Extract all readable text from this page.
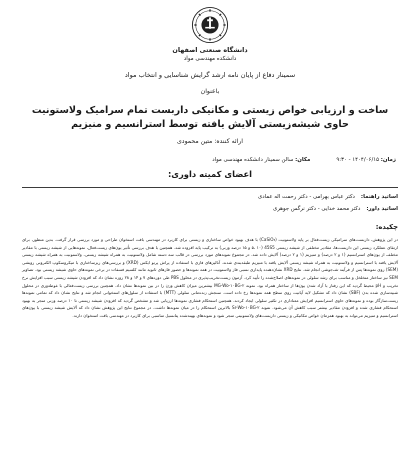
دانشگاه صنعتی اصفهان
دانشکده مهندسی مواد
سمینار دفاع از پایان نامه ارشد گرایش شناسایی و انتخاب مواد
باعنوان
ساخت و ارزیابی خواص زیستی و مکانیکی داربست تمام سرامیک ولاستونیت حاوی شیشه‌زیستی آلایش یافته توسط استرانسیم و منیزیم
ارائه کننده: متین محمودی
زمان: ۱۴۰۴/۰۶/۱۵ - ۹:۳۰
مکان: سالن سمینار دانشکده مهندسی مواد
اعضای کمیته داوری:
اساتید راهنما:
دکتر عباس بهرامی - دکتر رحمت اله عمادی
اساتید داور:
دکتر محمد خدایی - دکتر نرگس جوهری
چکیده:
در این پژوهش، داربست‌های سرامیکی زیست‌فعال بر پایه ولاستونیت (CaSiO₃) با هدف بهبود خواص ساختاری و زیستی برای کاربرد در مهندسی بافت استخوان طراحی و مورد بررسی قرار گرفت. بدین منظور، برای ارتقای عملکرد زیستی این داربست‌ها، مقادیر مختلفی از شیشه زیستی 45S5 (۵، ۱۰ و ۱۵ درصد وزنی) به ترکیب پایه افزوده شد. همچنین با هدف بررسی تأثیر یون‌های زیست‌فعال، نمونه‌هایی از شیشه زیستی با مقادیر مختلف از یون‌های استرانسیم (۱ و ۲ درصد) و منیزیم (۱ و ۲ درصد) آلایش داده شد. در مجموع نمونه‌های مورد بررسی در قالب سه دسته شامل ولاستونیت به همراه شیشه زیستی، ولاستونیت به همراه شیشه زیستی آلایش یافته با استرانسیم و ولاستونیت به همراه شیشه زیستی آلایش یافته با منیزیم طبقه‌بندی شدند. آنالیزهای فازی با استفاده از پراش پرتو ایکس (XRD) و بررسی‌های ریزساختاری با میکروسکوپ الکترونی روبشی (SEM) روی نمونه‌ها پس از فرآیند تف‌جوشی انجام شد. نتایج XRD نشان‌دهنده پایداری نسبی فاز ولاستونیت در همه نمونه‌ها و حضور فازهای ثانویه مانند کلسیم فسفات در برخی نمونه‌های حاوی شیشه زیستی بود. تصاویر SEM نیز ساختار متخلخل و مناسب برای رشد سلولی در نمونه‌های اصلاح‌شده را تأیید کرد. آزمون زیست‌تخریب‌پذیری در محلول PBS طی دوره‌های ۷ و ۱۴ و ۲۸ روزه نشان داد که افزودن شیشه زیستی سبب افزایش نرخ تخریب و pH محیط گردید که این رفتار با آزاد شدن یون‌ها از ساختار همراه بود. نمونه MG-Wo-۱۰BG-۲ بیشترین میزان کاهش وزن را در بین نمونه‌ها نشان داد. همچنین بررسی زیست‌فعالی با غوطه‌وری در محلول شبیه‌سازی شده بدن (SBF) نشان داد که تشکیل لایه آپاتیت روی سطح همه نمونه‌ها رخ داده است. سنجش زنده‌مانی سلولی (MTT) با استفاده از سلول‌های استخوانی انجام شد و نتایج نشان داد که تمامی نمونه‌ها زیست‌سازگار بوده و نمونه‌های حاوی استرانسیم افزایش معناداری در تکثیر سلولی ایجاد کردند. همچنین استحکام فشاری نمونه‌ها ارزیابی شد و مشخص گردید که افزودن شیشه زیستی تا ۱۰ درصد وزنی منجر به بهبود استحکام فشاری شده و افزودن مقادیر بیشتر سبب کاهش آن می‌شود. نمونه Sr-Wo-۱۰BG-۲ بالاترین استحکام را در میان نمونه‌ها داشت. در مجموع نتایج این پژوهش نشان داد که آلایش شیشه زیستی با یون‌های استرانسیم و منیزیم می‌تواند به بهبود همزمان خواص مکانیکی و زیستی داربست‌های ولاستونیتی منجر شود و نمونه‌های بهینه‌شده پتانسیل مناسبی برای کاربرد در مهندسی بافت استخوان دارند.
